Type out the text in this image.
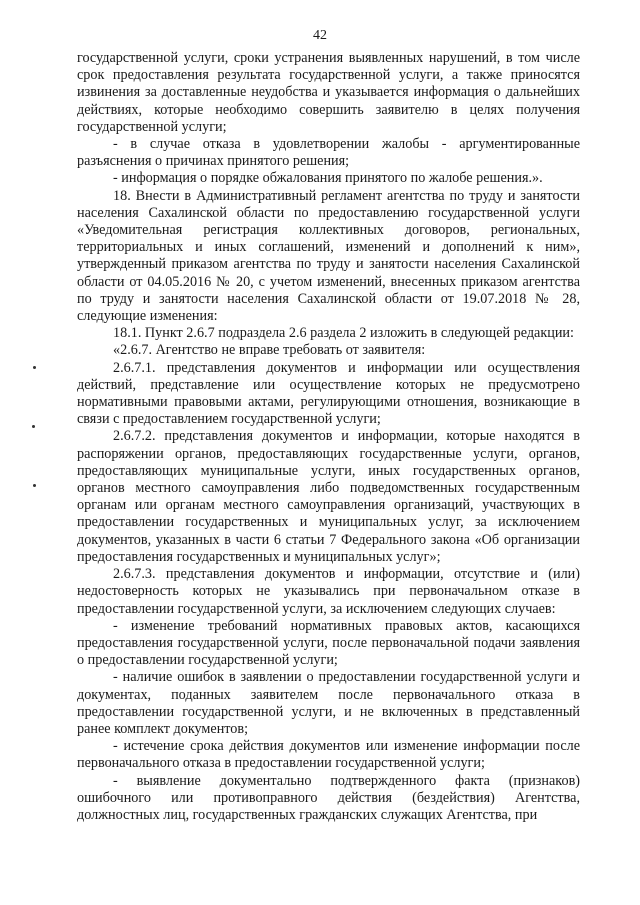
42

государственной услуги, сроки устранения выявленных нарушений, в том числе срок предоставления результата государственной услуги, а также приносятся извинения за доставленные неудобства и указывается информация о дальнейших действиях, которые необходимо совершить заявителю в целях получения государственной услуги;

- в случае отказа в удовлетворении жалобы - аргументированные разъяснения о причинах принятого решения;

- информация о порядке обжалования принятого по жалобе решения.».

18. Внести в Административный регламент агентства по труду и занятости населения Сахалинской области по предоставлению государственной услуги «Уведомительная регистрация коллективных договоров, региональных, территориальных и иных соглашений, изменений и дополнений к ним», утвержденный приказом агентства по труду и занятости населения Сахалинской области от 04.05.2016 № 20, с учетом изменений, внесенных приказом агентства по труду и занятости населения Сахалинской области от 19.07.2018 № 28, следующие изменения:

18.1. Пункт 2.6.7 подраздела 2.6 раздела 2 изложить в следующей редакции:

«2.6.7. Агентство не вправе требовать от заявителя:

2.6.7.1. представления документов и информации или осуществления действий, представление или осуществление которых не предусмотрено нормативными правовыми актами, регулирующими отношения, возникающие в связи с предоставлением государственной услуги;

2.6.7.2. представления документов и информации, которые находятся в распоряжении органов, предоставляющих государственные услуги, органов, предоставляющих муниципальные услуги, иных государственных органов, органов местного самоуправления либо подведомственных государственным органам или органам местного самоуправления организаций, участвующих в предоставлении государственных и муниципальных услуг, за исключением документов, указанных в части 6 статьи 7 Федерального закона «Об организации предоставления государственных и муниципальных услуг»;

2.6.7.3. представления документов и информации, отсутствие и (или) недостоверность которых не указывались при первоначальном отказе в предоставлении государственной услуги, за исключением следующих случаев:

- изменение требований нормативных правовых актов, касающихся предоставления государственной услуги, после первоначальной подачи заявления о предоставлении государственной услуги;

- наличие ошибок в заявлении о предоставлении государственной услуги и документах, поданных заявителем после первоначального отказа в предоставлении государственной услуги, и не включенных в представленный ранее комплект документов;

- истечение срока действия документов или изменение информации после первоначального отказа в предоставлении государственной услуги;

- выявление документально подтвержденного факта (признаков) ошибочного или противоправного действия (бездействия) Агентства, должностных лиц, государственных гражданских служащих Агентства, при
